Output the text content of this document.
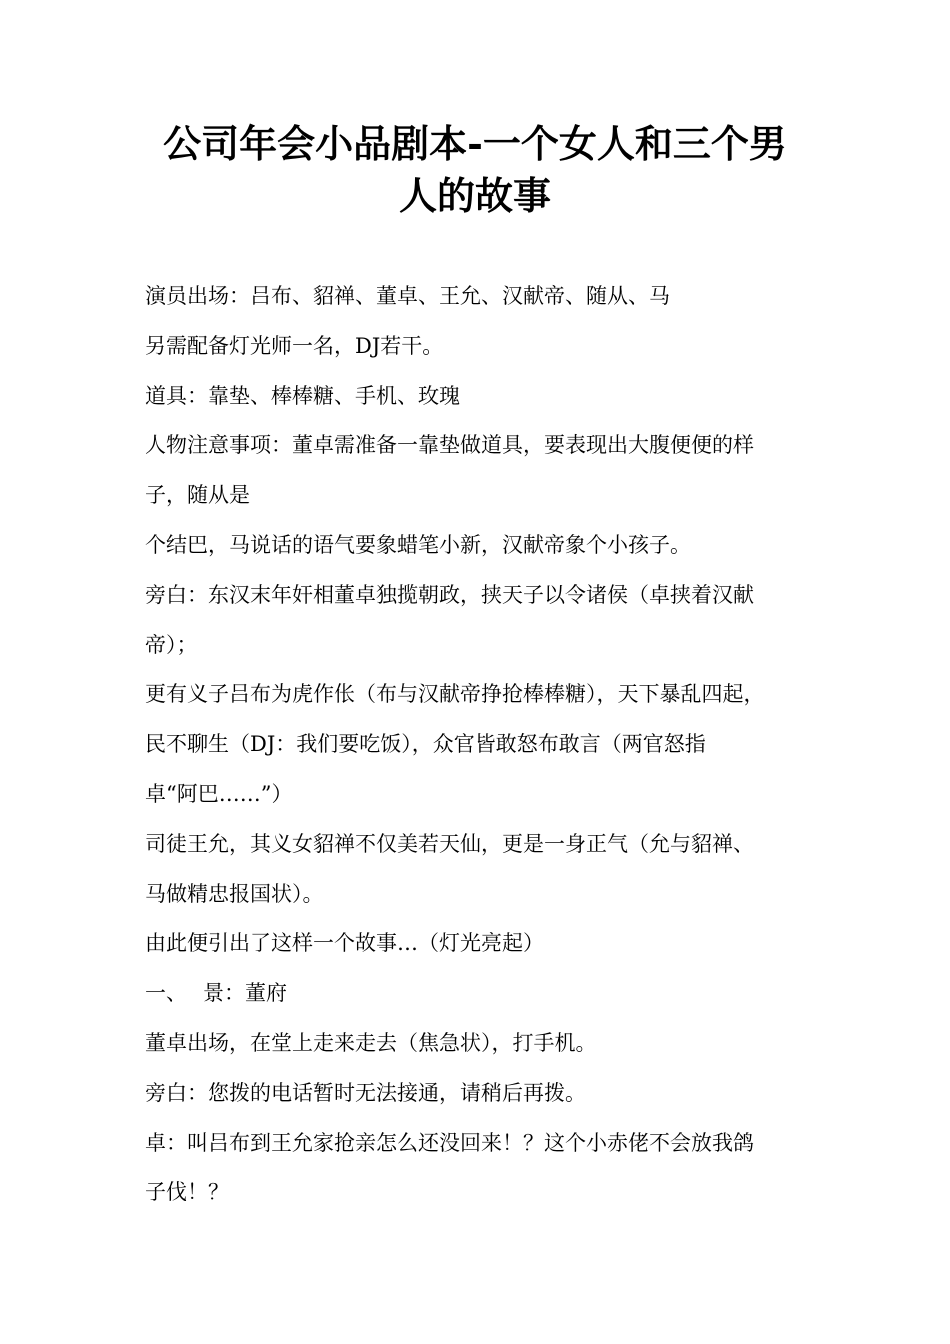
公司年会小品剧本-一个女人和三个男
人的故事

演员出场：吕布、貂禅、董卓、王允、汉献帝、随从、马

另需配备灯光师一名，DJ若干。

道具：靠垫、棒棒糖、手机、玫瑰

人物注意事项：董卓需准备一靠垫做道具，要表现出大腹便便的样

子，随从是

个结巴，马说话的语气要象蜡笔小新，汉献帝象个小孩子。

旁白：东汉末年奸相董卓独揽朝政，挟天子以令诸侯（卓挟着汉献

帝）；

更有义子吕布为虎作伥（布与汉献帝挣抢棒棒糖），天下暴乱四起，

民不聊生（DJ：我们要吃饭），众官皆敢怒布敢言（两官怒指

卓“阿巴……”）

司徒王允，其义女貂禅不仅美若天仙，更是一身正气（允与貂禅、

马做精忠报国状）。

由此便引出了这样一个故事…（灯光亮起）

一、 景：董府

董卓出场，在堂上走来走去（焦急状），打手机。

旁白：您拨的电话暂时无法接通，请稍后再拨。

卓：叫吕布到王允家抢亲怎么还没回来！？这个小赤佬不会放我鸽

子伐！？
